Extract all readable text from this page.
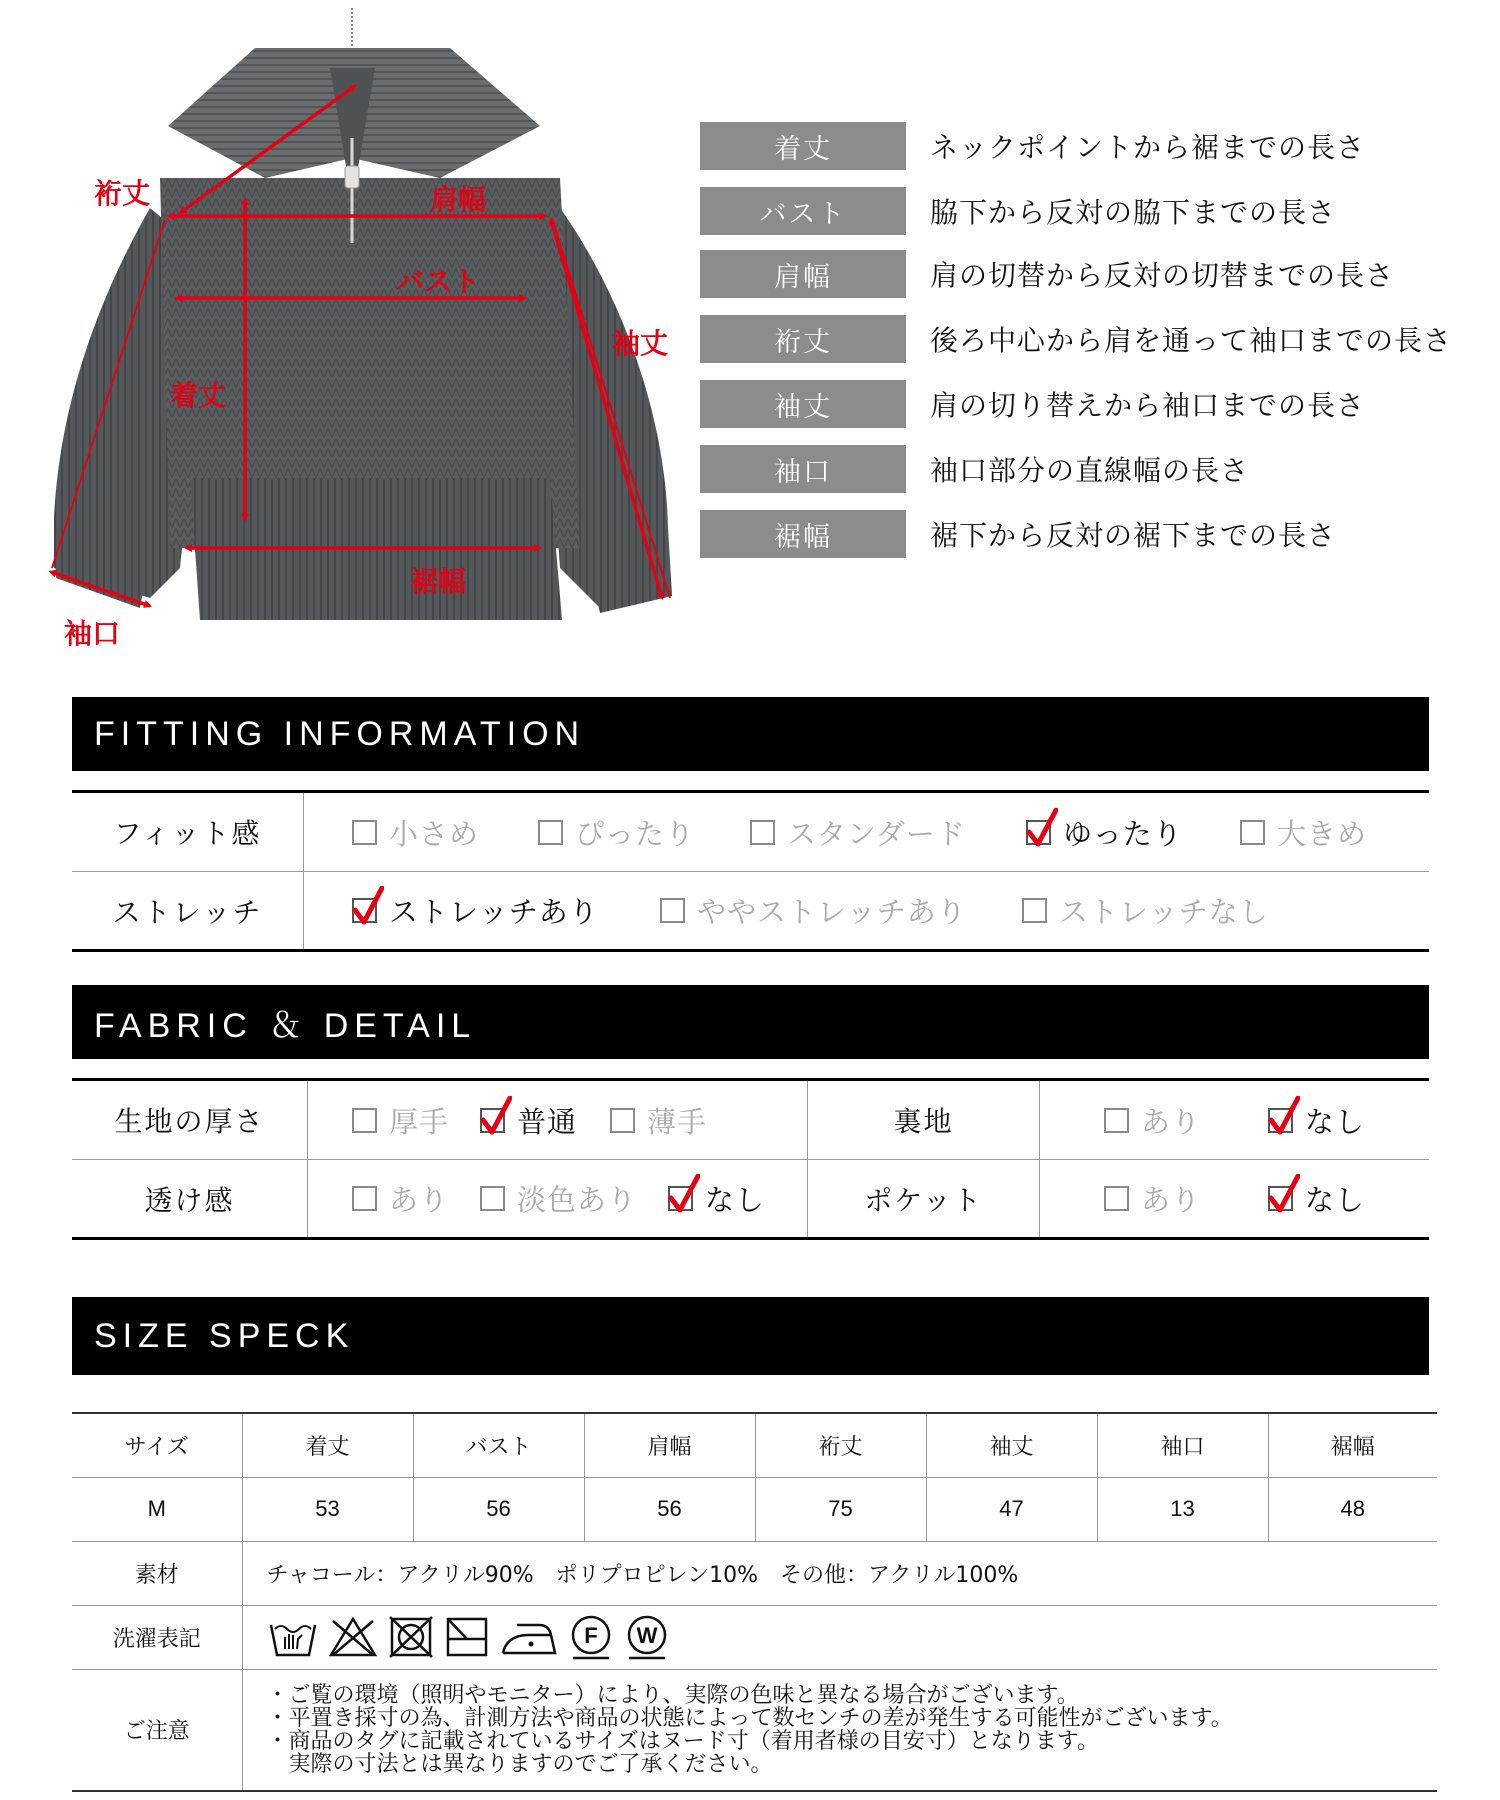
裄丈	肩幅
バスト
袖丈
着丈
裾幅
袖口
着丈	ネックポイントから裾までの長さ
バスト	脇下から反対の脇下までの長さ
肩幅	肩の切替から反対の切替までの長さ
裄丈	後ろ中心から肩を通って袖口までの長さ
袖丈	肩の切り替えから袖口までの長さ
袖口	袖口部分の直線幅の長さ
裾幅	裾下から反対の裾下までの長さ
FITTING INFORMATION
フィット感	小さめ	ぴったり	スタンダード	ゆったり	大きめ
ストレッチ	ストレッチあり	ややストレッチあり	ストレッチなし
FABRIC ＆ DETAIL
生地の厚さ	厚手 普通 薄手	裏地	あり	なし
透け感	あり 淡色あり なし	ポケット	あり	なし
SIZE SPECK
サイズ	着丈	バスト	肩幅	裄丈	袖丈	袖口	裾幅
M	53	56	56	75	47	13	48
素材	チャコール：アクリル90%　ポリプロピレン10%　その他：アクリル100%						
洗濯表記	F W						

ご注意	・ご覧の環境（照明やモニター）により、実際の色味と異なる場合がございます。
・平置き採寸の為、計測方法や商品の状態によって数センチの差が発生する可能性がございます。
・商品のタグに記載されているサイズはヌード寸（着用者様の目安寸）となります。
　実際の寸法とは異なりますのでご了承ください。						
